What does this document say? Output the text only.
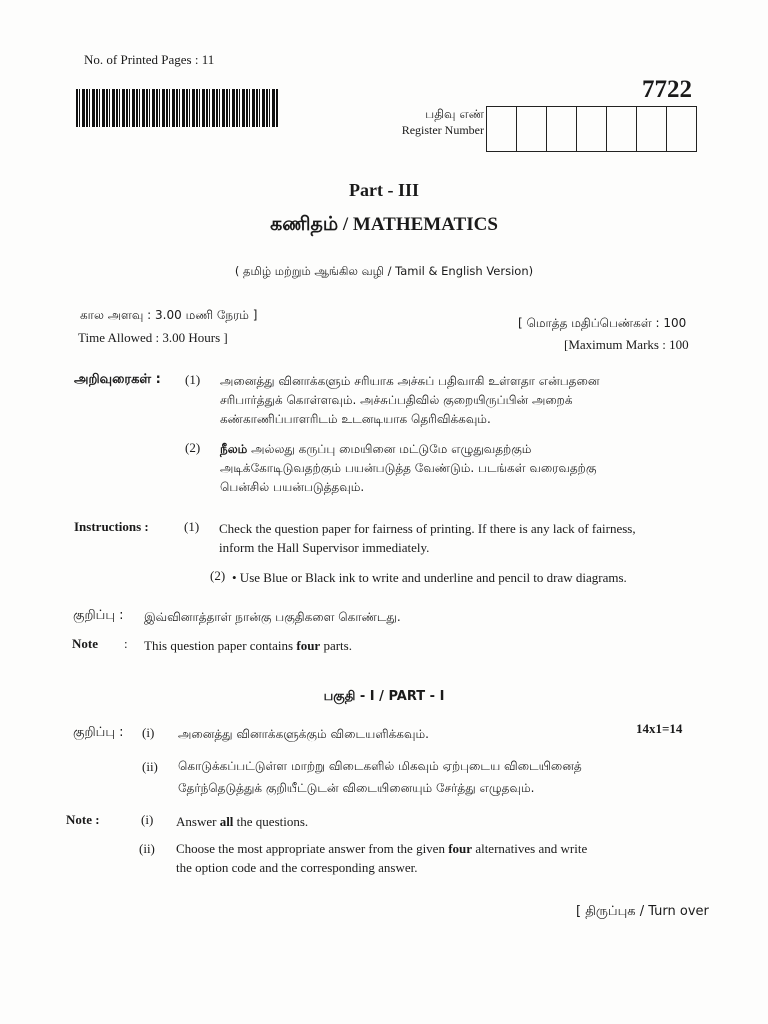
No. of Printed Pages : 11
7722
பதிவு எண்
Register Number
Part - III
கணிதம் / MATHEMATICS
( தமிழ் மற்றும் ஆங்கில வழி / Tamil & English Version)
கால அளவு : 3.00 மணி நேரம் ]
Time Allowed : 3.00 Hours ]
[ மொத்த மதிப்பெண்கள் : 100
[Maximum Marks : 100
அறிவுரைகள் : (1) அனைத்து வினாக்களும் சரியாக அச்சுப் பதிவாகி உள்ளதா என்பதனை
சரிபார்த்துக் கொள்ளவும். அச்சுப்பதிவில் குறையிருப்பின் அறைக்
கண்காணிப்பாளரிடம் உடனடியாக தெரிவிக்கவும்.
(2) நீலம் அல்லது கருப்பு மையினை மட்டுமே எழுதுவதற்கும்
அடிக்கோடிடுவதற்கும் பயன்படுத்த வேண்டும். படங்கள் வரைவதற்கு
பென்சில் பயன்படுத்தவும்.
Instructions :	(1) Check the question paper for fairness of printing. If there is any lack of fairness,
inform the Hall Supervisor immediately.
(2) • Use Blue or Black ink to write and underline and pencil to draw diagrams.
குறிப்பு : இவ்வினாத்தாள் நான்கு பகுதிகளை கொண்டது.
Note : This question paper contains four parts.
பகுதி - I / PART - I
14x1=14
குறிப்பு : (i) அனைத்து வினாக்களுக்கும் விடையளிக்கவும்.
(ii) கொடுக்கப்பட்டுள்ள மாற்று விடைகளில் மிகவும் ஏற்புடைய விடையினைத்
தேர்ந்தெடுத்துக் குறியீட்டுடன் விடையினையும் சேர்த்து எழுதவும்.
Note :	(i) Answer all the questions.
(ii) Choose the most appropriate answer from the given four alternatives and write
the option code and the corresponding answer.
[ திருப்புக / Turn over
